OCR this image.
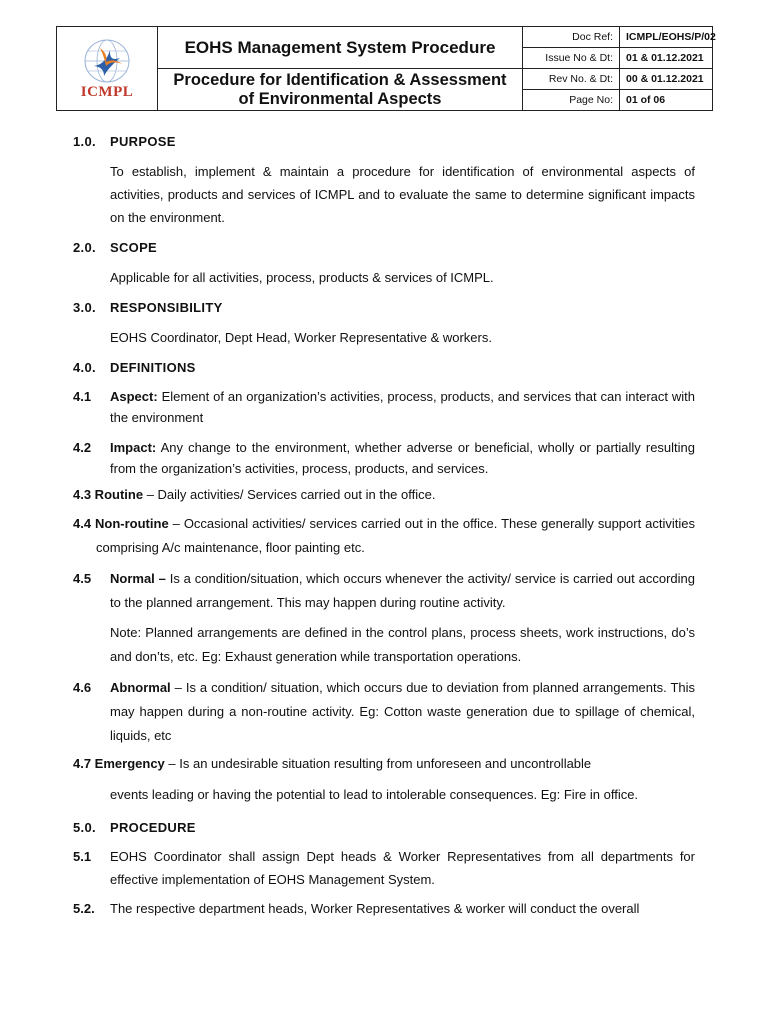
ICMPL	EOHS Management System Procedure	Doc Ref:	ICMPL/EOHS/P/02
		Issue No & Dt:	01 & 01.12.2021

	Procedure for Identification & Assessment
of Environmental Aspects	Rev No. & Dt:	00 & 01.12.2021
		Page No:	01 of 06
1.0.	PURPOSE

To establish, implement & maintain a procedure for identification of environmental aspects of activities, products and services of ICMPL and to evaluate the same to determine significant impacts on the environment.

2.0.	SCOPE

Applicable for all activities, process, products & services of ICMPL.

3.0.	RESPONSIBILITY

EOHS Coordinator, Dept Head, Worker Representative & workers.

4.0.	DEFINITIONS
4.1	Aspect: Element of an organization’s activities, process, products, and services that can interact with the environment

4.2	Impact: Any change to the environment, whether adverse or beneficial, wholly or partially resulting from the organization’s activities, process, products, and services.

4.3 Routine – Daily activities/ Services carried out in the office.

4.4 Non-routine – Occasional activities/ services carried out in the office. These generally support activities comprising A/c maintenance, floor painting etc.

4.5	Normal – Is a condition/situation, which occurs whenever the activity/ service is carried out according to the planned arrangement. This may happen during routine activity.

Note: Planned arrangements are defined in the control plans, process sheets, work instructions, do’s and don’ts, etc. Eg: Exhaust generation while transportation operations.

4.6	Abnormal – Is a condition/ situation, which occurs due to deviation from planned arrangements. This may happen during a non-routine activity. Eg: Cotton waste generation due to spillage of chemical, liquids, etc

4.7 Emergency – Is an undesirable situation resulting from unforeseen and uncontrollable

events leading or having the potential to lead to intolerable consequences. Eg: Fire in office.

5.0.	PROCEDURE
5.1	EOHS Coordinator shall assign Dept heads & Worker Representatives from all departments for effective implementation of EOHS Management System.

5.2.	The respective department heads, Worker Representatives & worker will conduct the overall
